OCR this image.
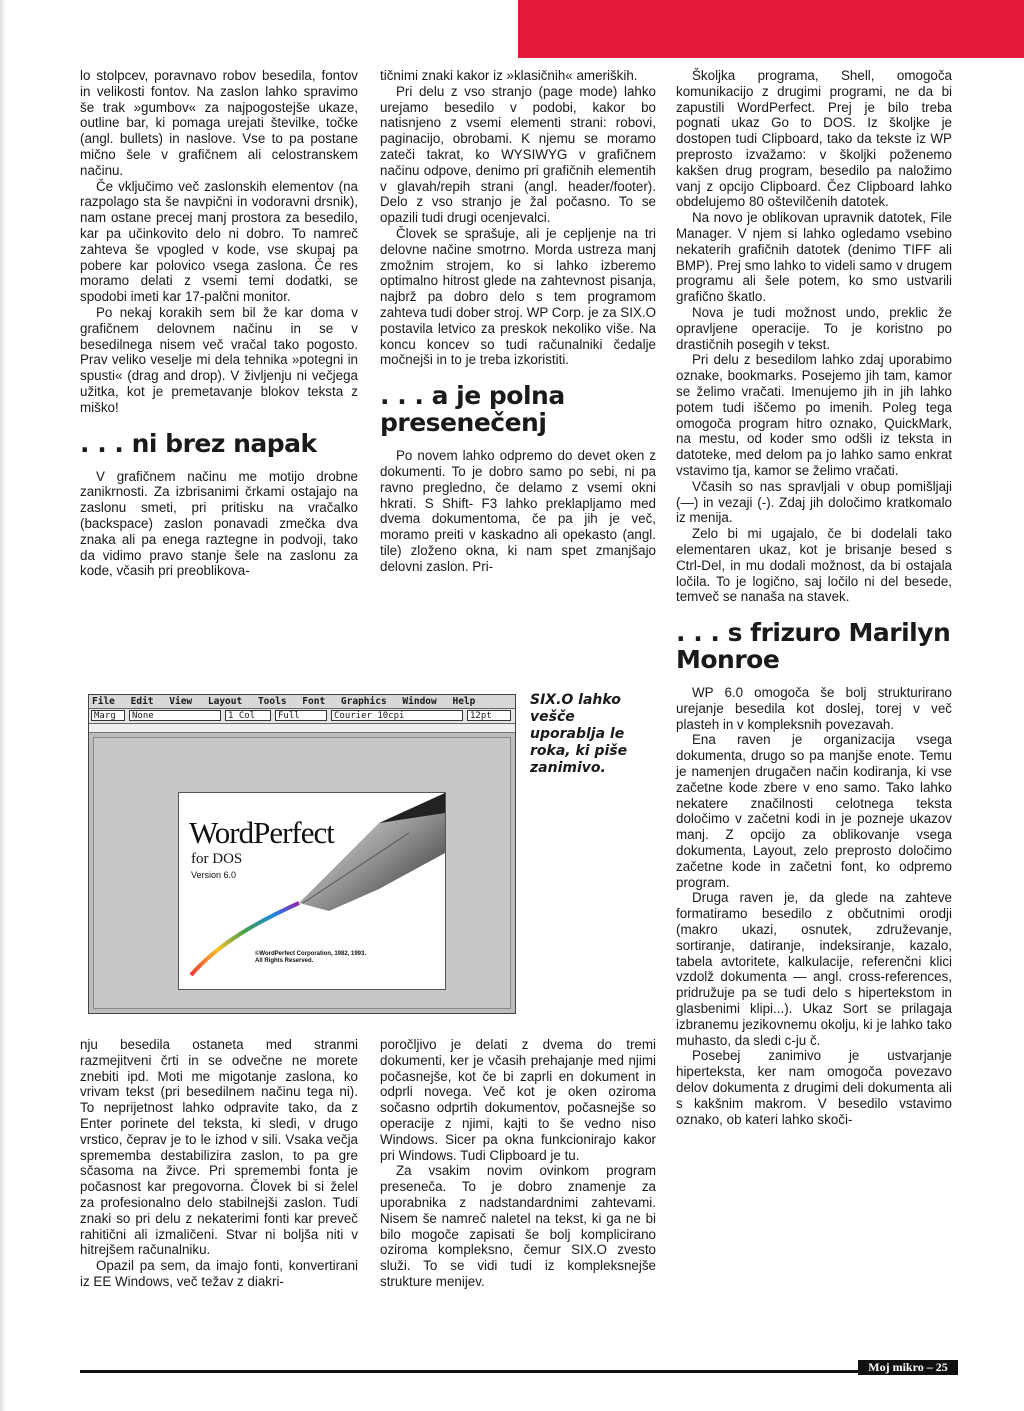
lo stolpcev, poravnavo robov besedila, fontov in velikosti fontov. Na zaslon lahko spravimo še trak »gumbov« za najpogostejše ukaze, outline bar, ki pomaga urejati številke, točke (angl. bullets) in naslove. Vse to pa postane mično šele v grafičnem ali celostranskem načinu.

Če vključimo več zaslonskih elementov (na razpolago sta še navpični in vodoravni drsnik), nam ostane precej manj prostora za besedilo, kar pa učinkovito delo ni dobro. To namreč zahteva še vpogled v kode, vse skupaj pa pobere kar polovico vsega zaslona. Če res moramo delati z vsemi temi dodatki, se spodobi imeti kar 17-palčni monitor.

Po nekaj korakih sem bil že kar doma v grafičnem delovnem načinu in se v besedilnega nisem več vračal tako pogosto. Prav veliko veselje mi dela tehnika »potegni in spusti« (drag and drop). V življenju ni večjega užitka, kot je premetavanje blokov teksta z miško!

. . . ni brez napak

V grafičnem načinu me motijo drobne zanikrnosti. Za izbrisanimi črkami ostajajo na zaslonu smeti, pri pritisku na vračalko (backspace) zaslon ponavadi zmečka dva znaka ali pa enega raztegne in podvoji, tako da vidimo pravo stanje šele na zaslonu za kode, včasih pri preoblikova-

tičnimi znaki kakor iz »klasičnih« ameriških.

Pri delu z vso stranjo (page mode) lahko urejamo besedilo v podobi, kakor bo natisnjeno z vsemi elementi strani: robovi, paginacijo, obrobami. K njemu se moramo zateči takrat, ko WYSIWYG v grafičnem načinu odpove, denimo pri grafičnih elementih v glavah/repih strani (angl. header/footer). Delo z vso stranjo je žal počasno. To se opazili tudi drugi ocenjevalci.

Človek se sprašuje, ali je cepljenje na tri delovne načine smotrno. Morda ustreza manj zmožnim strojem, ko si lahko izberemo optimalno hitrost glede na zahtevnost pisanja, najbrž pa dobro delo s tem programom zahteva tudi dober stroj. WP Corp. je za SIX.O postavila letvico za preskok nekoliko više. Na koncu koncev so tudi računalniki čedalje močnejši in to je treba izkoristiti.

. . . a je polna presenečenj

Po novem lahko odpremo do devet oken z dokumenti. To je dobro samo po sebi, ni pa ravno pregledno, če delamo z vsemi okni hkrati. S Shift- F3 lahko preklapljamo med dvema dokumentoma, če pa jih je več, moramo preiti v kaskadno ali opekasto (angl. tile) zloženo okna, ki nam spet zmanjšajo delovni zaslon. Pri-

Školjka programa, Shell, omogoča komunikacijo z drugimi programi, ne da bi zapustili WordPerfect. Prej je bilo treba pognati ukaz Go to DOS. Iz školjke je dostopen tudi Clipboard, tako da tekste iz WP preprosto izvažamo: v školjki poženemo kakšen drug program, besedilo pa naložimo vanj z opcijo Clipboard. Čez Clipboard lahko obdelujemo 80 oštevilčenih datotek.

Na novo je oblikovan upravnik datotek, File Manager. V njem si lahko ogledamo vsebino nekaterih grafičnih datotek (denimo TIFF ali BMP). Prej smo lahko to videli samo v drugem programu ali šele potem, ko smo ustvarili grafično škatlo.

Nova je tudi možnost undo, preklic že opravljene operacije. To je koristno po drastičnih posegih v tekst.

Pri delu z besedilom lahko zdaj uporabimo oznake, bookmarks. Posejemo jih tam, kamor se želimo vračati. Imenujemo jih in jih lahko potem tudi iščemo po imenih. Poleg tega omogoča program hitro oznako, QuickMark, na mestu, od koder smo odšli iz teksta in datoteke, med delom pa jo lahko samo enkrat vstavimo tja, kamor se želimo vračati.

Včasih so nas spravljali v obup pomišljaji (—) in vezaji (-). Zdaj jih določimo kratkomalo iz menija.

Zelo bi mi ugajalo, če bi dodelali tako elementaren ukaz, kot je brisanje besed s Ctrl-Del, in mu dodali možnost, da bi ostajala ločila. To je logično, saj ločilo ni del besede, temveč se nanaša na stavek.

. . . s frizuro Marilyn Monroe

WP 6.0 omogoča še bolj strukturirano urejanje besedila kot doslej, torej v več plasteh in v kompleksnih povezavah.

Ena raven je organizacija vsega dokumenta, drugo so pa manjše enote. Temu je namenjen drugačen način kodiranja, ki vse začetne kode zbere v eno samo. Tako lahko nekatere značilnosti celotnega teksta določimo v začetni kodi in je pozneje ukazov manj. Z opcijo za oblikovanje vsega dokumenta, Layout, zelo preprosto določimo začetne kode in začetni font, ko odpremo program.

Druga raven je, da glede na zahteve formatiramo besedilo z občutnimi orodji (makro ukazi, osnutek, združevanje, sortiranje, datiranje, indeksiranje, kazalo, tabela avtoritete, kalkulacije, referenčni klici vzdolž dokumenta — angl. cross-references, pridružuje pa se tudi delo s hipertekstom in glasbenimi klipi...). Ukaz Sort se prilagaja izbranemu jezikovnemu okolju, ki je lahko tako muhasto, da sledi c-ju č.

Posebej zanimivo je ustvarjanje hiperteksta, ker nam omogoča povezavo delov dokumenta z drugimi deli dokumenta ali s kakšnim makrom. V besedilo vstavimo oznako, ob kateri lahko skoči-

File Edit View Layout Tools Font Graphics Window Help
Marg	None	1 Col	Full	Courier 10cpi	12pt
WordPerfect
for DOS
Version 6.0
©WordPerfect Corporation, 1982, 1993.
All Rights Reserved.
SIX.O lahko vešče uporablja le roka, ki piše zanimivo.

nju besedila ostaneta med stranmi razmejitveni črti in se odvečne ne morete znebiti ipd. Moti me migotanje zaslona, ko vrivam tekst (pri besedilnem načinu tega ni). To neprijetnost lahko odpravite tako, da z Enter porinete del teksta, ki sledi, v drugo vrstico, čeprav je to le izhod v sili. Vsaka večja sprememba destabilizira zaslon, to pa gre sčasoma na živce. Pri spremembi fonta je počasnost kar pregovorna. Človek bi si želel za profesionalno delo stabilnejši zaslon. Tudi znaki so pri delu z nekaterimi fonti kar preveč rahitični ali izmaličeni. Stvar ni boljša niti v hitrejšem računalniku.

Opazil pa sem, da imajo fonti, konvertirani iz EE Windows, več težav z diakri-

poročljivo je delati z dvema do tremi dokumenti, ker je včasih prehajanje med njimi počasnejše, kot če bi zaprli en dokument in odprli novega. Več kot je oken oziroma sočasno odprtih dokumentov, počasnejše so operacije z njimi, kajti to še vedno niso Windows. Sicer pa okna funkcionirajo kakor pri Windows. Tudi Clipboard je tu.

Za vsakim novim ovinkom program preseneča. To je dobro znamenje za uporabnika z nadstandardnimi zahtevami. Nisem še namreč naletel na tekst, ki ga ne bi bilo mogoče zapisati še bolj komplicirano oziroma kompleksno, čemur SIX.O zvesto služi. To se vidi tudi iz kompleksnejše strukture menijev.

Moj mikro – 25
